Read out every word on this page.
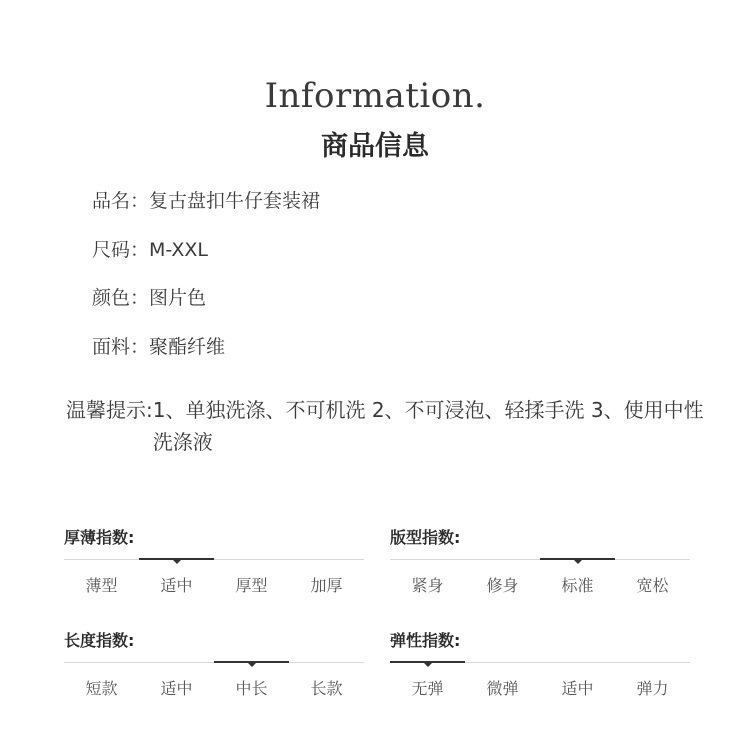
Information.
商品信息
品名：复古盘扣牛仔套装裙
尺码：M-XXL
颜色：图片色
面料：聚酯纤维
温馨提示: 1、单独洗涤、不可机洗 2、不可浸泡、轻揉手洗 3、使用中性洗涤液
厚薄指数:
薄型	适中	厚型	加厚
版型指数:
紧身	修身	标准	宽松
长度指数:
短款	适中	中长	长款
弹性指数:
无弹	微弹	适中	弹力
